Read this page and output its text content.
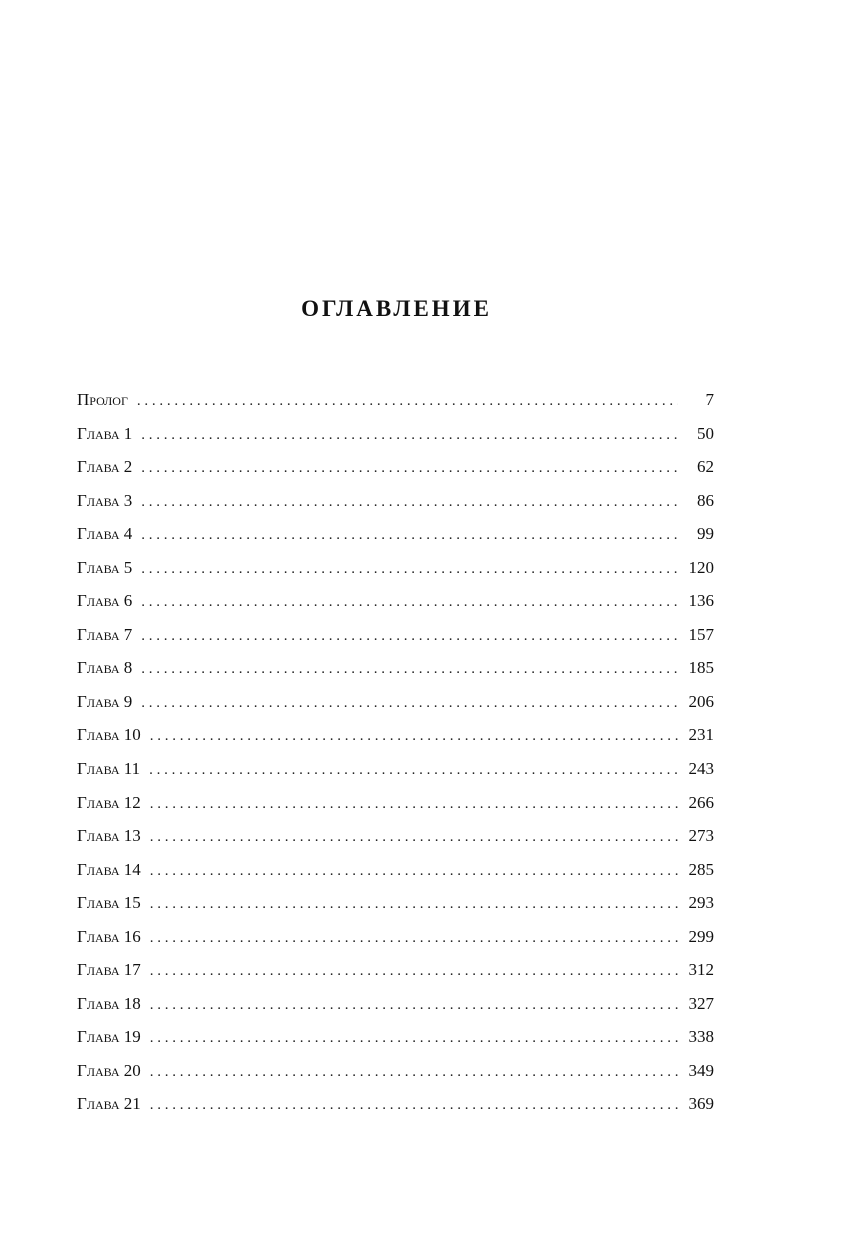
ОГЛАВЛЕНИЕ
Пролог . . .	7
Глава 1 . . .	50
Глава 2 . . .	62
Глава 3 . . .	86
Глава 4 . . .	99
Глава 5 . . .	120
Глава 6 . . .	136
Глава 7 . . .	157
Глава 8 . . .	185
Глава 9 . . .	206
Глава 10 . . .	231
Глава 11 . . .	243
Глава 12 . . .	266
Глава 13 . . .	273
Глава 14 . . .	285
Глава 15 . . .	293
Глава 16 . . .	299
Глава 17 . . .	312
Глава 18 . . .	327
Глава 19 . . .	338
Глава 20 . . .	349
Глава 21 . . .	369
